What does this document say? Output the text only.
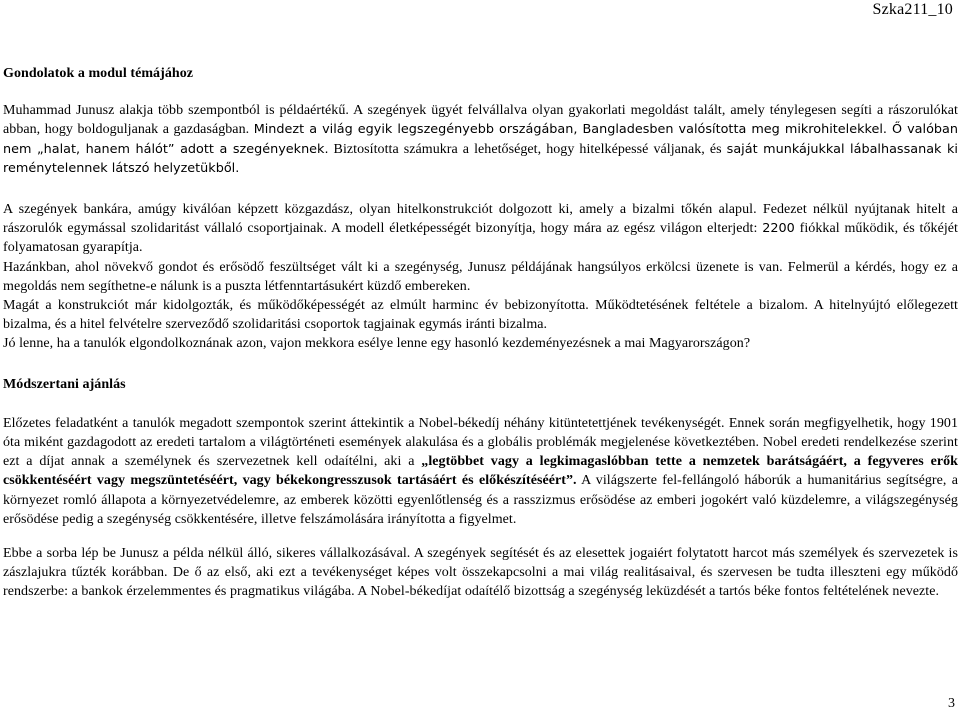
Szka211_10
Gondolatok a modul témájához

Muhammad Junusz alakja több szempontból is példaértékű. A szegények ügyét felvállalva olyan gyakorlati megoldást talált, amely ténylegesen segíti a rászorulókat abban, hogy boldoguljanak a gazdaságban. Mindezt a világ egyik legszegényebb országában, Bangladesben valósította meg mikrohitelekkel. Ő valóban nem „halat, hanem hálót” adott a szegényeknek. Biztosította számukra a lehetőséget, hogy hitelképessé váljanak, és saját munkájukkal lábalhassanak ki reménytelennek látszó helyzetükből.

A szegények bankára, amúgy kiválóan képzett közgazdász, olyan hitelkonstrukciót dolgozott ki, amely a bizalmi tőkén alapul. Fedezet nélkül nyújtanak hitelt a rászorulók egymással szolidaritást vállaló csoportjainak. A modell életképességét bizonyítja, hogy mára az egész világon elterjedt: 2200 fiókkal működik, és tőkéjét folyamatosan gyarapítja.

Hazánkban, ahol növekvő gondot és erősödő feszültséget vált ki a szegénység, Junusz példájának hangsúlyos erkölcsi üzenete is van. Felmerül a kérdés, hogy ez a megoldás nem segíthetne-e nálunk is a puszta létfenntartásukért küzdő embereken.

Magát a konstrukciót már kidolgozták, és működőképességét az elmúlt harminc év bebizonyította. Működtetésének feltétele a bizalom. A hitelnyújtó előlegezett bizalma, és a hitel felvételre szerveződő szolidaritási csoportok tagjainak egymás iránti bizalma.

Jó lenne, ha a tanulók elgondolkoznának azon, vajon mekkora esélye lenne egy hasonló kezdeményezésnek a mai Magyarországon?

Módszertani ajánlás

Előzetes feladatként a tanulók megadott szempontok szerint áttekintik a Nobel-békedíj néhány kitüntetettjének tevékenységét. Ennek során megfigyelhetik, hogy 1901 óta miként gazdagodott az eredeti tartalom a világtörténeti események alakulása és a globális problémák megjelenése következtében. Nobel eredeti rendelkezése szerint ezt a díjat annak a személynek és szervezetnek kell odaítélni, aki a „legtöbbet vagy a legkimagaslóbban tette a nemzetek barátságáért, a fegyveres erők csökkentéséért vagy megszüntetéséért, vagy békekongresszusok tartásáért és előkészítéséért”. A világszerte fel-fellángoló háborúk a humanitárius segítségre, a környezet romló állapota a környezetvédelemre, az emberek közötti egyenlőtlenség és a rasszizmus erősödése az emberi jogokért való küzdelemre, a világszegénység erősödése pedig a szegénység csökkentésére, illetve felszámolására irányította a figyelmet.

Ebbe a sorba lép be Junusz a példa nélkül álló, sikeres vállalkozásával. A szegények segítését és az elesettek jogaiért folytatott harcot más személyek és szervezetek is zászlajukra tűzték korábban. De ő az első, aki ezt a tevékenységet képes volt összekapcsolni a mai világ realitásaival, és szervesen be tudta illeszteni egy működő rendszerbe: a bankok érzelemmentes és pragmatikus világába. A Nobel-békedíjat odaítélő bizottság a szegénység leküzdését a tartós béke fontos feltételének nevezte.

3
